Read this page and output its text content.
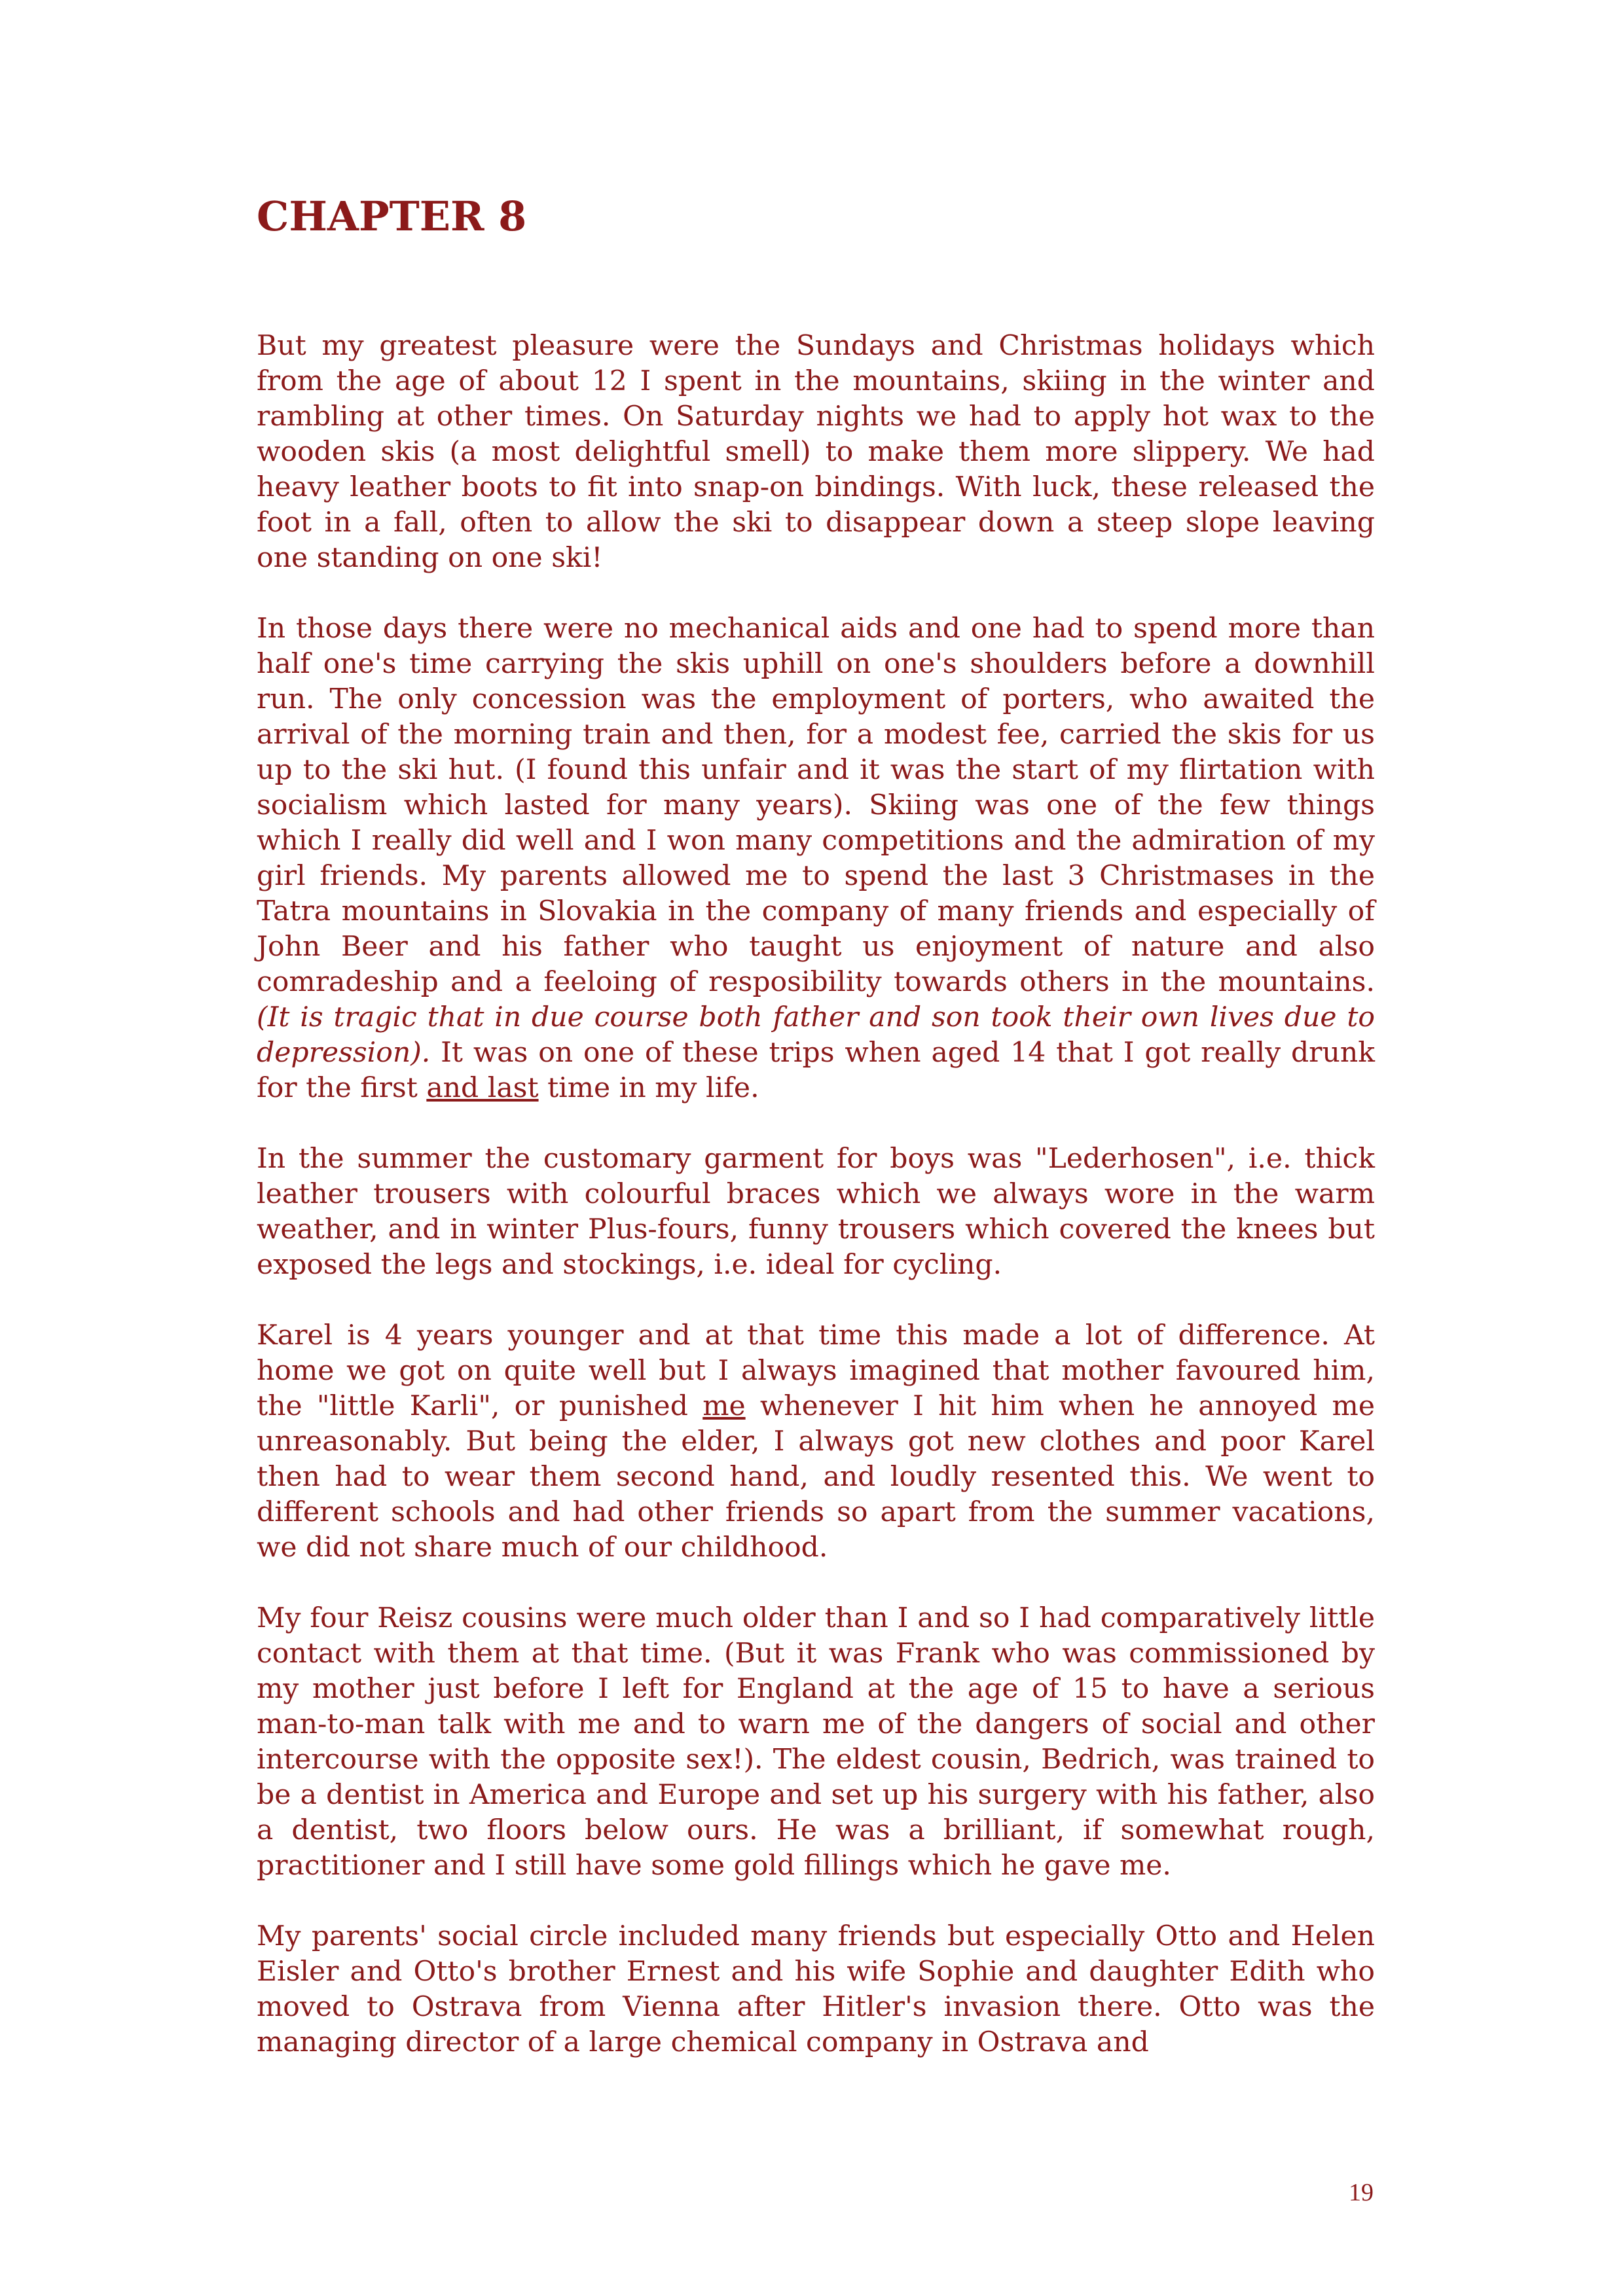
CHAPTER 8

But my greatest pleasure were the Sundays and Christmas holidays which from the age of about 12 I spent in the mountains, skiing in the winter and rambling at other times. On Saturday nights we had to apply hot wax to the wooden skis (a most delightful smell) to make them more slippery. We had heavy leather boots to fit into snap-on bindings. With luck, these released the foot in a fall, often to allow the ski to disappear down a steep slope leaving one standing on one ski!

In those days there were no mechanical aids and one had to spend more than half one's time carrying the skis uphill on one's shoulders before a downhill run. The only concession was the employment of porters, who awaited the arrival of the morning train and then, for a modest fee, carried the skis for us up to the ski hut. (I found this unfair and it was the start of my flirtation with socialism which lasted for many years). Skiing was one of the few things which I really did well and I won many competitions and the admiration of my girl friends. My parents allowed me to spend the last 3 Christmases in the Tatra mountains in Slovakia in the company of many friends and especially of John Beer and his father who taught us enjoyment of nature and also comradeship and a feeloing of resposibility towards others in the mountains. (It is tragic that in due course both father and son took their own lives due to depression). It was on one of these trips when aged 14 that I got really drunk for the first and last time in my life.

In the summer the customary garment for boys was "Lederhosen", i.e. thick leather trousers with colourful braces which we always wore in the warm weather, and in winter Plus-fours, funny trousers which covered the knees but exposed the legs and stockings, i.e. ideal for cycling.

Karel is 4 years younger and at that time this made a lot of difference. At home we got on quite well but I always imagined that mother favoured him, the "little Karli", or punished me whenever I hit him when he annoyed me unreasonably. But being the elder, I always got new clothes and poor Karel then had to wear them second hand, and loudly resented this. We went to different schools and had other friends so apart from the summer vacations, we did not share much of our childhood.

My four Reisz cousins were much older than I and so I had comparatively little contact with them at that time. (But it was Frank who was commissioned by my mother just before I left for England at the age of 15 to have a serious man-to-man talk with me and to warn me of the dangers of social and other intercourse with the opposite sex!). The eldest cousin, Bedrich, was trained to be a dentist in America and Europe and set up his surgery with his father, also a dentist, two floors below ours. He was a brilliant, if somewhat rough, practitioner and I still have some gold fillings which he gave me.

My parents' social circle included many friends but especially Otto and Helen Eisler and Otto's brother Ernest and his wife Sophie and daughter Edith who moved to Ostrava from Vienna after Hitler's invasion there. Otto was the managing director of a large chemical company in Ostrava and

19
